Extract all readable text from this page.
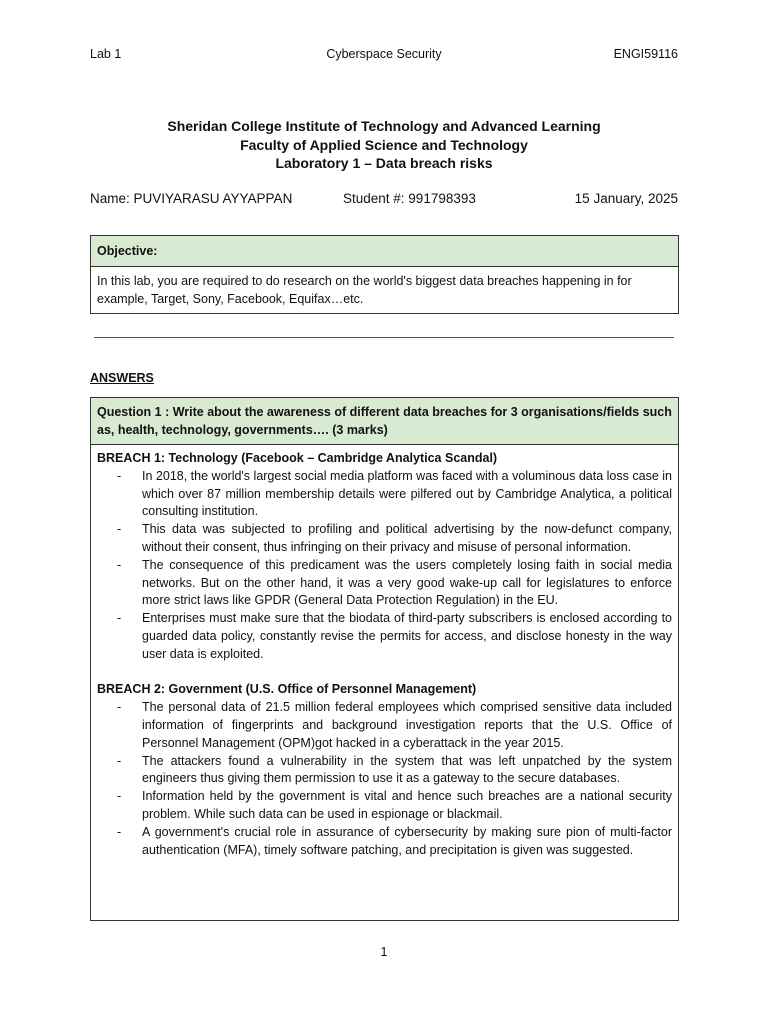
Lab 1	Cyberspace Security	ENGI59116
Sheridan College Institute of Technology and Advanced Learning
Faculty of Applied Science and Technology
Laboratory 1 – Data breach risks
Name: PUVIYARASU AYYAPPAN	Student #: 991798393	15 January, 2025
Objective:
In this lab, you are required to do research on the world's biggest data breaches happening in for example, Target, Sony, Facebook, Equifax…etc.
ANSWERS
Question 1 : Write about the awareness of different data breaches for 3 organisations/fields such as, health, technology, governments…. (3 marks)
BREACH 1: Technology (Facebook – Cambridge Analytica Scandal)
- In 2018, the world's largest social media platform was faced with a voluminous data loss case in which over 87 million membership details were pilfered out by Cambridge Analytica, a political consulting institution.
- This data was subjected to profiling and political advertising by the now-defunct company, without their consent, thus infringing on their privacy and misuse of personal information.
- The consequence of this predicament was the users completely losing faith in social media networks. But on the other hand, it was a very good wake-up call for legislatures to enforce more strict laws like GPDR (General Data Protection Regulation) in the EU.
- Enterprises must make sure that the biodata of third-party subscribers is enclosed according to guarded data policy, constantly revise the permits for access, and disclose honesty in the way user data is exploited.
BREACH 2: Government (U.S. Office of Personnel Management)
- The personal data of 21.5 million federal employees which comprised sensitive data included information of fingerprints and background investigation reports that the U.S. Office of Personnel Management (OPM)got hacked in a cyberattack in the year 2015.
- The attackers found a vulnerability in the system that was left unpatched by the system engineers thus giving them permission to use it as a gateway to the secure databases.
- Information held by the government is vital and hence such breaches are a national security problem. While such data can be used in espionage or blackmail.
- A government's crucial role in assurance of cybersecurity by making sure pion of multi-factor authentication (MFA), timely software patching, and precipitation is given was suggested.
1
